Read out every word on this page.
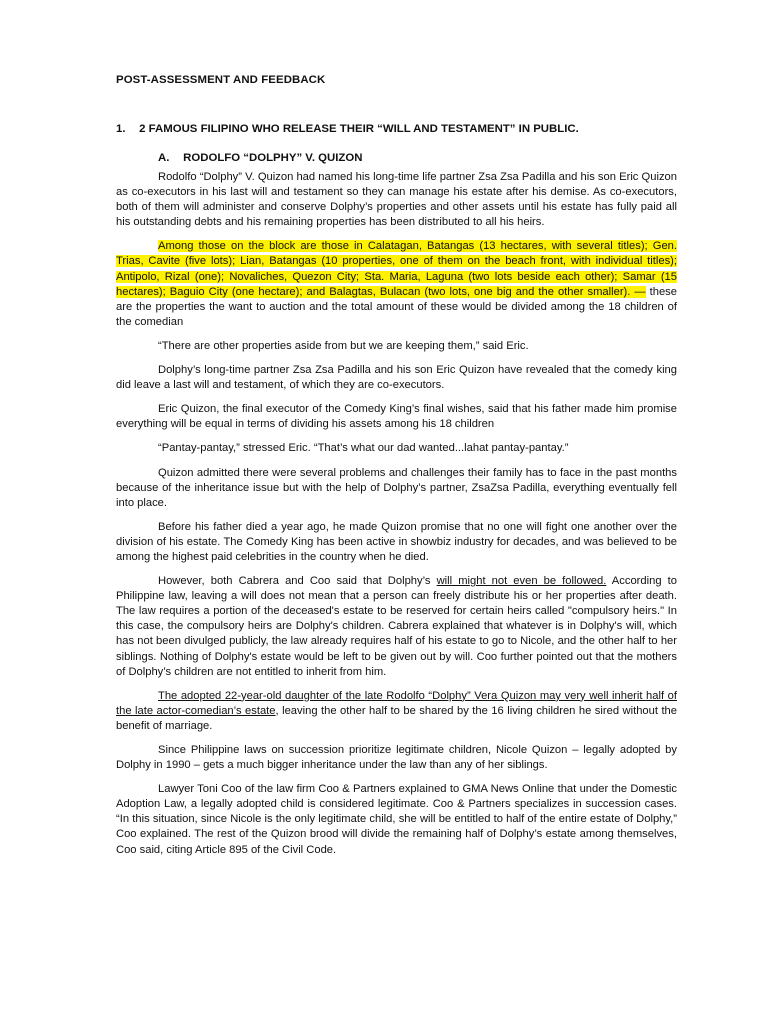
POST-ASSESSMENT AND FEEDBACK
1. 2 FAMOUS FILIPINO WHO RELEASE THEIR “WILL AND TESTAMENT” IN PUBLIC.
A. RODOLFO “DOLPHY” V. QUIZON

Rodolfo “Dolphy” V. Quizon had named his long-time life partner Zsa Zsa Padilla and his son Eric Quizon as co-executors in his last will and testament so they can manage his estate after his demise. As co-executors, both of them will administer and conserve Dolphy’s properties and other assets until his estate has fully paid all his outstanding debts and his remaining properties has been distributed to all his heirs.

Among those on the block are those in Calatagan, Batangas (13 hectares, with several titles); Gen. Trias, Cavite (five lots); Lian, Batangas (10 properties, one of them on the beach front, with individual titles); Antipolo, Rizal (one); Novaliches, Quezon City; Sta. Maria, Laguna (two lots beside each other); Samar (15 hectares); Baguio City (one hectare); and Balagtas, Bulacan (two lots, one big and the other smaller). — these are the properties the want to auction and the total amount of these would be divided among the 18 children of the comedian

“There are other properties aside from but we are keeping them,” said Eric.

Dolphy’s long-time partner Zsa Zsa Padilla and his son Eric Quizon have revealed that the comedy king did leave a last will and testament, of which they are co-executors.

Eric Quizon, the final executor of the Comedy King’s final wishes, said that his father made him promise everything will be equal in terms of dividing his assets among his 18 children

“Pantay-pantay,” stressed Eric. “That’s what our dad wanted...lahat pantay-pantay.”

Quizon admitted there were several problems and challenges their family has to face in the past months because of the inheritance issue but with the help of Dolphy’s partner, ZsaZsa Padilla, everything eventually fell into place.

Before his father died a year ago, he made Quizon promise that no one will fight one another over the division of his estate. The Comedy King has been active in showbiz industry for decades, and was believed to be among the highest paid celebrities in the country when he died.

However, both Cabrera and Coo said that Dolphy’s will might not even be followed. According to Philippine law, leaving a will does not mean that a person can freely distribute his or her properties after death. The law requires a portion of the deceased's estate to be reserved for certain heirs called "compulsory heirs." In this case, the compulsory heirs are Dolphy's children. Cabrera explained that whatever is in Dolphy's will, which has not been divulged publicly, the law already requires half of his estate to go to Nicole, and the other half to her siblings. Nothing of Dolphy's estate would be left to be given out by will. Coo further pointed out that the mothers of Dolphy’s children are not entitled to inherit from him.

The adopted 22-year-old daughter of the late Rodolfo “Dolphy” Vera Quizon may very well inherit half of the late actor-comedian’s estate, leaving the other half to be shared by the 16 living children he sired without the benefit of marriage.

Since Philippine laws on succession prioritize legitimate children, Nicole Quizon – legally adopted by Dolphy in 1990 – gets a much bigger inheritance under the law than any of her siblings.

Lawyer Toni Coo of the law firm Coo & Partners explained to GMA News Online that under the Domestic Adoption Law, a legally adopted child is considered legitimate. Coo & Partners specializes in succession cases. “In this situation, since Nicole is the only legitimate child, she will be entitled to half of the entire estate of Dolphy,” Coo explained. The rest of the Quizon brood will divide the remaining half of Dolphy’s estate among themselves, Coo said, citing Article 895 of the Civil Code.
